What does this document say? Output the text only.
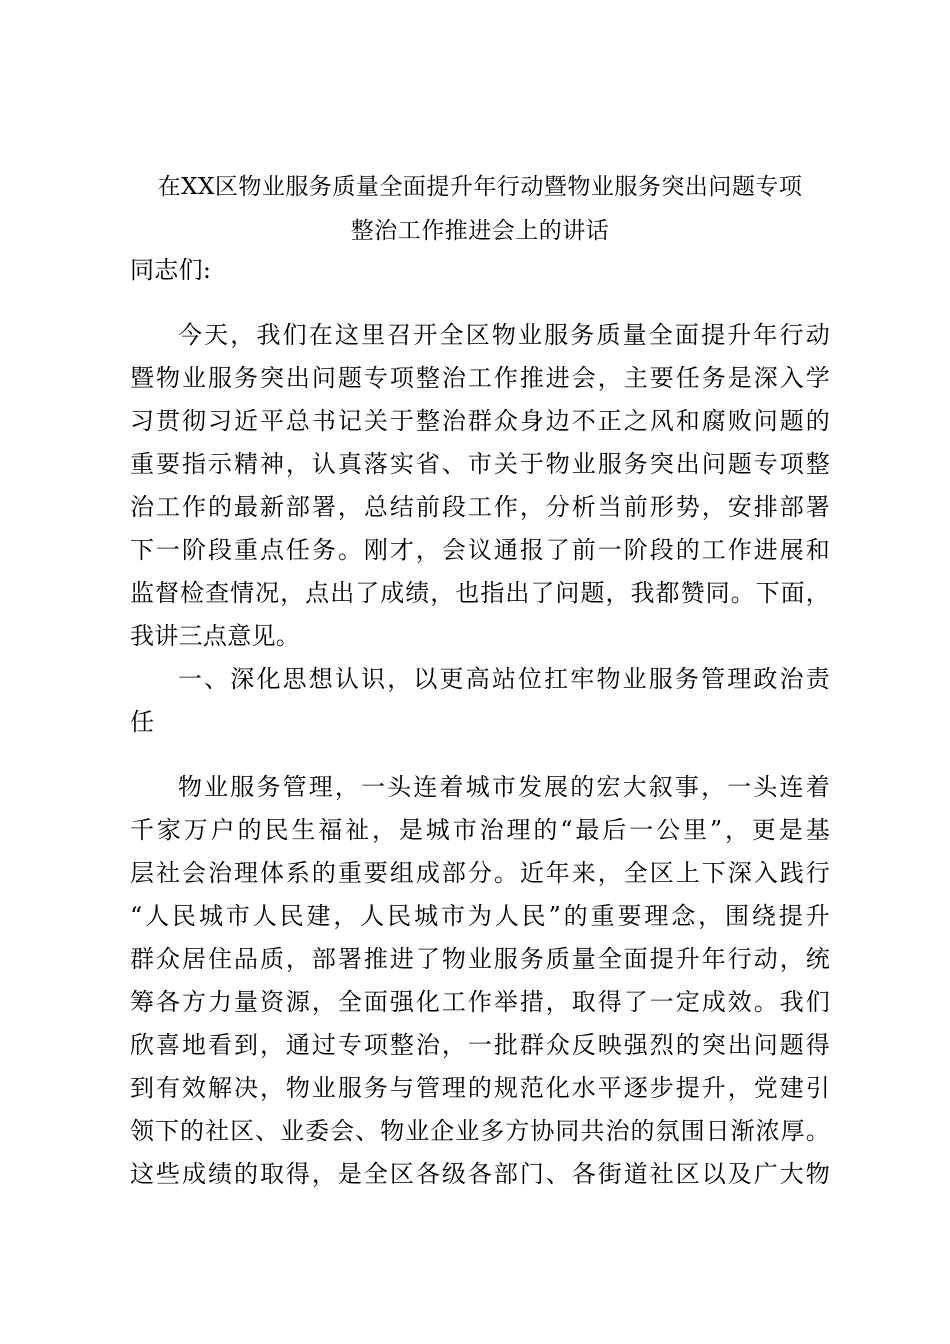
在XX区物业服务质量全面提升年行动暨物业服务突出问题专项
整治工作推进会上的讲话
同志们:
今天，我们在这里召开全区物业服务质量全面提升年行动
暨物业服务突出问题专项整治工作推进会，主要任务是深入学
习贯彻习近平总书记关于整治群众身边不正之风和腐败问题的
重要指示精神，认真落实省、市关于物业服务突出问题专项整
治工作的最新部署，总结前段工作，分析当前形势，安排部署
下一阶段重点任务。刚才，会议通报了前一阶段的工作进展和
监督检查情况，点出了成绩，也指出了问题，我都赞同。下面，
我讲三点意见。
一、深化思想认识，以更高站位扛牢物业服务管理政治责
任
物业服务管理，一头连着城市发展的宏大叙事，一头连着
千家万户的民生福祉，是城市治理的“最后一公里”，更是基
层社会治理体系的重要组成部分。近年来，全区上下深入践行
“人民城市人民建，人民城市为人民”的重要理念，围绕提升
群众居住品质，部署推进了物业服务质量全面提升年行动，统
筹各方力量资源，全面强化工作举措，取得了一定成效。我们
欣喜地看到，通过专项整治，一批群众反映强烈的突出问题得
到有效解决，物业服务与管理的规范化水平逐步提升，党建引
领下的社区、业委会、物业企业多方协同共治的氛围日渐浓厚。
这些成绩的取得，是全区各级各部门、各街道社区以及广大物
